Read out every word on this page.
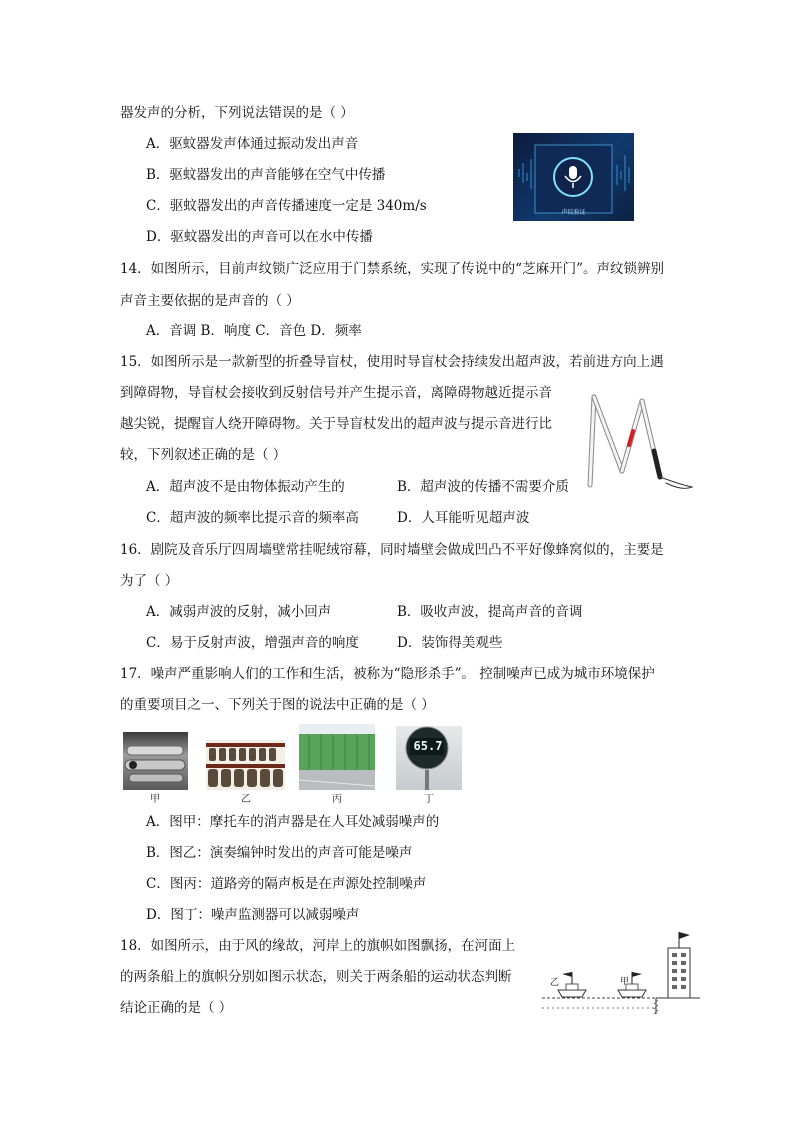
器发声的分析，下列说法错误的是（ ）
A．驱蚊器发声体通过振动发出声音
B．驱蚊器发出的声音能够在空气中传播
C．驱蚊器发出的声音传播速度一定是 340m/s
D．驱蚊器发出的声音可以在水中传播
声纹验证
14．如图所示，目前声纹锁广泛应用于门禁系统，实现了传说中的“芝麻开门”。声纹锁辨别
声音主要依据的是声音的（ ）
A．音调 B．响度 C．音色 D．频率
15．如图所示是一款新型的折叠导盲杖，使用时导盲杖会持续发出超声波，若前进方向上遇
到障碍物，导盲杖会接收到反射信号并产生提示音，离障碍物越近提示音
越尖锐，提醒盲人绕开障碍物。关于导盲杖发出的超声波与提示音进行比
较，下列叙述正确的是（ ）
A．超声波不是由物体振动产生的	B．超声波的传播不需要介质
C．超声波的频率比提示音的频率高	D．人耳能听见超声波
16．剧院及音乐厅四周墙壁常挂呢绒帘幕，同时墙壁会做成凹凸不平好像蜂窝似的，主要是
为了（ ）
A．减弱声波的反射，减小回声	B．吸收声波，提高声音的音调
C．易于反射声波，增强声音的响度	D．装饰得美观些
17．噪声严重影响人们的工作和生活，被称为“隐形杀手”。 控制噪声已成为城市环境保护
的重要项目之一、下列关于图的说法中正确的是（ ）
甲	乙	丙
65.7
丁
A．图甲：摩托车的消声器是在人耳处减弱噪声的
B．图乙：演奏编钟时发出的声音可能是噪声
C．图丙：道路旁的隔声板是在声源处控制噪声
D．图丁：噪声监测器可以减弱噪声
18．如图所示，由于风的缘故，河岸上的旗帜如图飘扬，在河面上
的两条船上的旗帜分别如图示状态，则关于两条船的运动状态判断
结论正确的是（ ）
乙	甲
